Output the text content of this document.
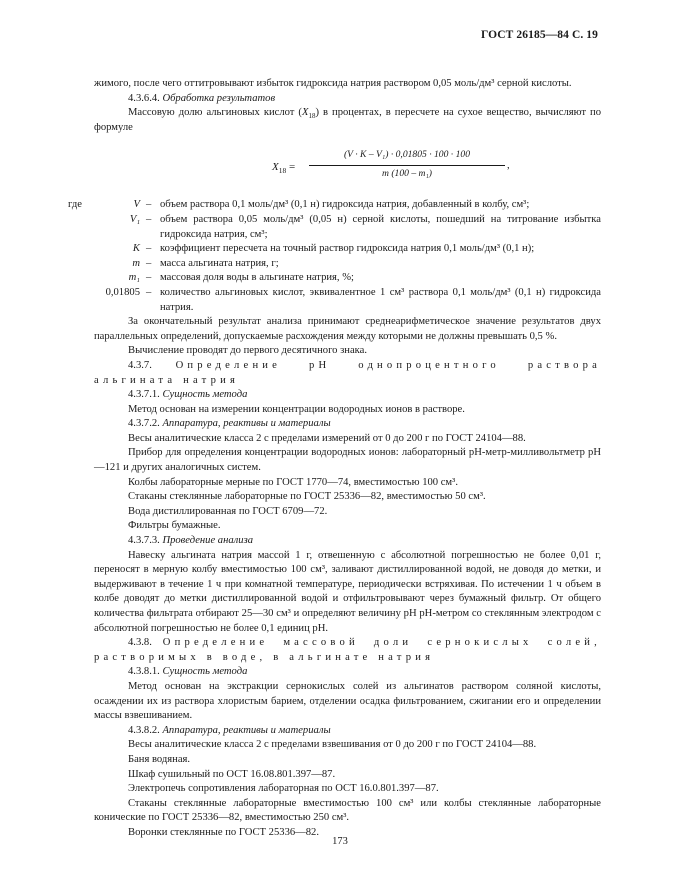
ГОСТ 26185—84 С. 19

жимого, после чего оттитровывают избыток гидроксида натрия раствором 0,05 моль/дм³ серной кислоты.

4.3.6.4. Обработка результатов

Массовую долю альгиновых кислот $(X_{18})$ в процентах, в пересчете на сухое вещество, вычисляют по формуле

$X_{18} = \frac{\text{(V · K – V₁) · 0,01805 · 100 · 100}}{\text{m (100 – m₁)}}$ ,
где	V – объем раствора 0,1 моль/дм³ (0,1 н) гидроксида натрия, добавленный в колбу, см³;
V₁ – объем раствора 0,05 моль/дм³ (0,05 н) серной кислоты, пошедший на титрование избытка гидроксида натрия, см³;
K – коэффициент пересчета на точный раствор гидроксида натрия 0,1 моль/дм³ (0,1 н);
m – масса альгината натрия, г;
m₁ – массовая доля воды в альгинате натрия, %;
0,01805 – количество альгиновых кислот, эквивалентное 1 см³ раствора 0,1 моль/дм³ (0,1 н) гидроксида натрия.

За окончательный результат анализа принимают среднеарифметическое значение результатов двух параллельных определений, допускаемые расхождения между которыми не должны превышать 0,5 %.

Вычисление проводят до первого десятичного знака.

4.3.7. Определение pH однопроцентного раствора альгината натрия

4.3.7.1. Сущность метода

Метод основан на измерении концентрации водородных ионов в растворе.

4.3.7.2. Аппаратура, реактивы и материалы

Весы аналитические класса 2 с пределами измерений от 0 до 200 г по ГОСТ 24104—88.

Прибор для определения концентрации водородных ионов: лабораторный pH-метр-милливольтметр pH—121 и других аналогичных систем.

Колбы лабораторные мерные по ГОСТ 1770—74, вместимостью 100 см³.

Стаканы стеклянные лабораторные по ГОСТ 25336—82, вместимостью 50 см³.

Вода дистиллированная по ГОСТ 6709—72.

Фильтры бумажные.

4.3.7.3. Проведение анализа

Навеску альгината натрия массой 1 г, отвешенную с абсолютной погрешностью не более 0,01 г, переносят в мерную колбу вместимостью 100 см³, заливают дистиллированной водой, не доводя до метки, и выдерживают в течение 1 ч при комнатной температуре, периодически встряхивая. По истечении 1 ч объем в колбе доводят до метки дистиллированной водой и отфильтровывают через бумажный фильтр. От общего количества фильтрата отбирают 25—30 см³ и определяют величину pH pH-метром со стеклянным электродом с абсолютной погрешностью не более 0,1 единиц pH.

4.3.8. Определение массовой доли сернокислых солей, растворимых в воде, в альгинате натрия

4.3.8.1. Сущность метода

Метод основан на экстракции сернокислых солей из альгинатов раствором соляной кислоты, осаждении их из раствора хлористым барием, отделении осадка фильтрованием, сжигании его и определении массы взвешиванием.

4.3.8.2. Аппаратура, реактивы и материалы

Весы аналитические класса 2 с пределами взвешивания от 0 до 200 г по ГОСТ 24104—88.

Баня водяная.

Шкаф сушильный по ОСТ 16.08.801.397—87.

Электропечь сопротивления лабораторная по ОСТ 16.0.801.397—87.

Стаканы стеклянные лабораторные вместимостью 100 см³ или колбы стеклянные лабораторные конические по ГОСТ 25336—82, вместимостью 250 см³.

Воронки стеклянные по ГОСТ 25336—82.

173
